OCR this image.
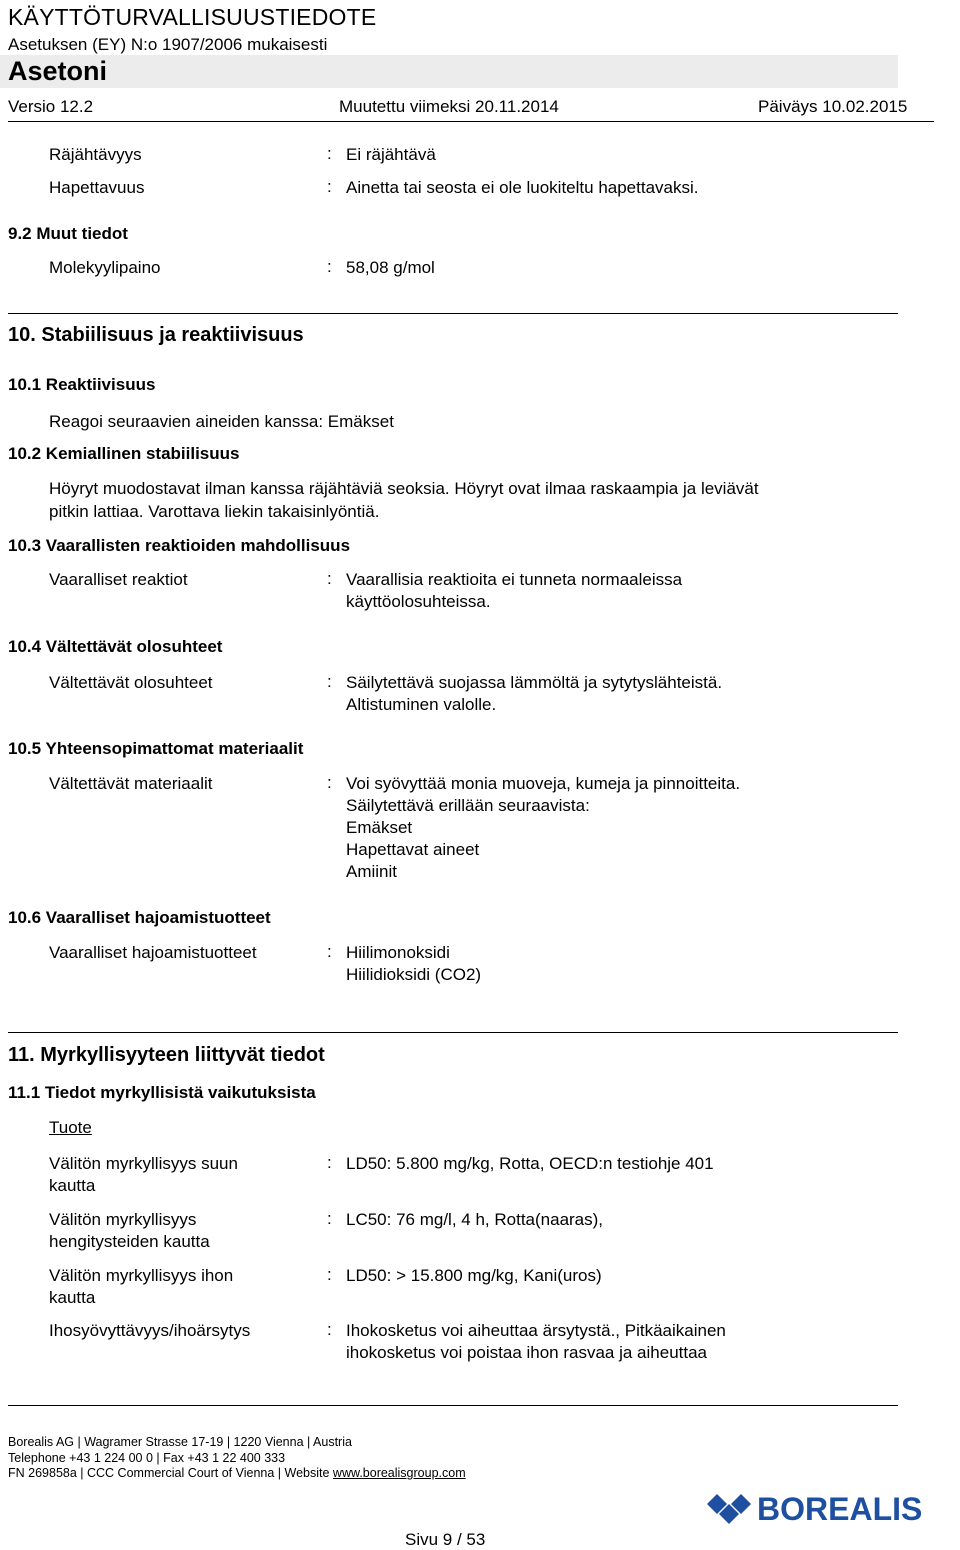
KÄYTTÖTURVALLISUUSTIEDOTE
Asetuksen (EY) N:o 1907/2006 mukaisesti
Asetoni
Versio 12.2	Muutettu viimeksi 20.11.2014	Päiväys 10.02.2015
Räjähtävyys	: Ei räjähtävä
Hapettavuus	: Ainetta tai seosta ei ole luokiteltu hapettavaksi.
9.2 Muut tiedot
Molekyylipaino	: 58,08 g/mol
10. Stabiilisuus ja reaktiivisuus
10.1 Reaktiivisuus
Reagoi seuraavien aineiden kanssa: Emäkset
10.2 Kemiallinen stabiilisuus
Höyryt muodostavat ilman kanssa räjähtäviä seoksia. Höyryt ovat ilmaa raskaampia ja leviävät
pitkin lattiaa. Varottava liekin takaisinlyöntiä.
10.3 Vaarallisten reaktioiden mahdollisuus
Vaaralliset reaktiot	: Vaarallisia reaktioita ei tunneta normaaleissa
käyttöolosuhteissa.
10.4 Vältettävät olosuhteet
Vältettävät olosuhteet	: Säilytettävä suojassa lämmöltä ja sytytyslähteistä.
Altistuminen valolle.
10.5 Yhteensopimattomat materiaalit
Vältettävät materiaalit	: Voi syövyttää monia muoveja, kumeja ja pinnoitteita.
Säilytettävä erillään seuraavista:
Emäkset
Hapettavat aineet
Amiinit
10.6 Vaaralliset hajoamistuotteet
Vaaralliset hajoamistuotteet	: Hiilimonoksidi
Hiilidioksidi (CO2)
11. Myrkyllisyyteen liittyvät tiedot
11.1 Tiedot myrkyllisistä vaikutuksista
Tuote
Välitön myrkyllisyys suun
kautta
: LD50: 5.800 mg/kg, Rotta, OECD:n testiohje 401
Välitön myrkyllisyys
hengitysteiden kautta
: LC50: 76 mg/l, 4 h, Rotta(naaras),
Välitön myrkyllisyys ihon
kautta
: LD50: > 15.800 mg/kg, Kani(uros)
Ihosyövyttävyys/ihoärsytys	: Ihokosketus voi aiheuttaa ärsytystä., Pitkäaikainen
ihokosketus voi poistaa ihon rasvaa ja aiheuttaa
Borealis AG | Wagramer Strasse 17-19 | 1220 Vienna | Austria
Telephone +43 1 224 00 0 | Fax +43 1 22 400 333
FN 269858a | CCC Commercial Court of Vienna | Website www.borealisgroup.com
BOREALIS
Sivu 9 / 53
